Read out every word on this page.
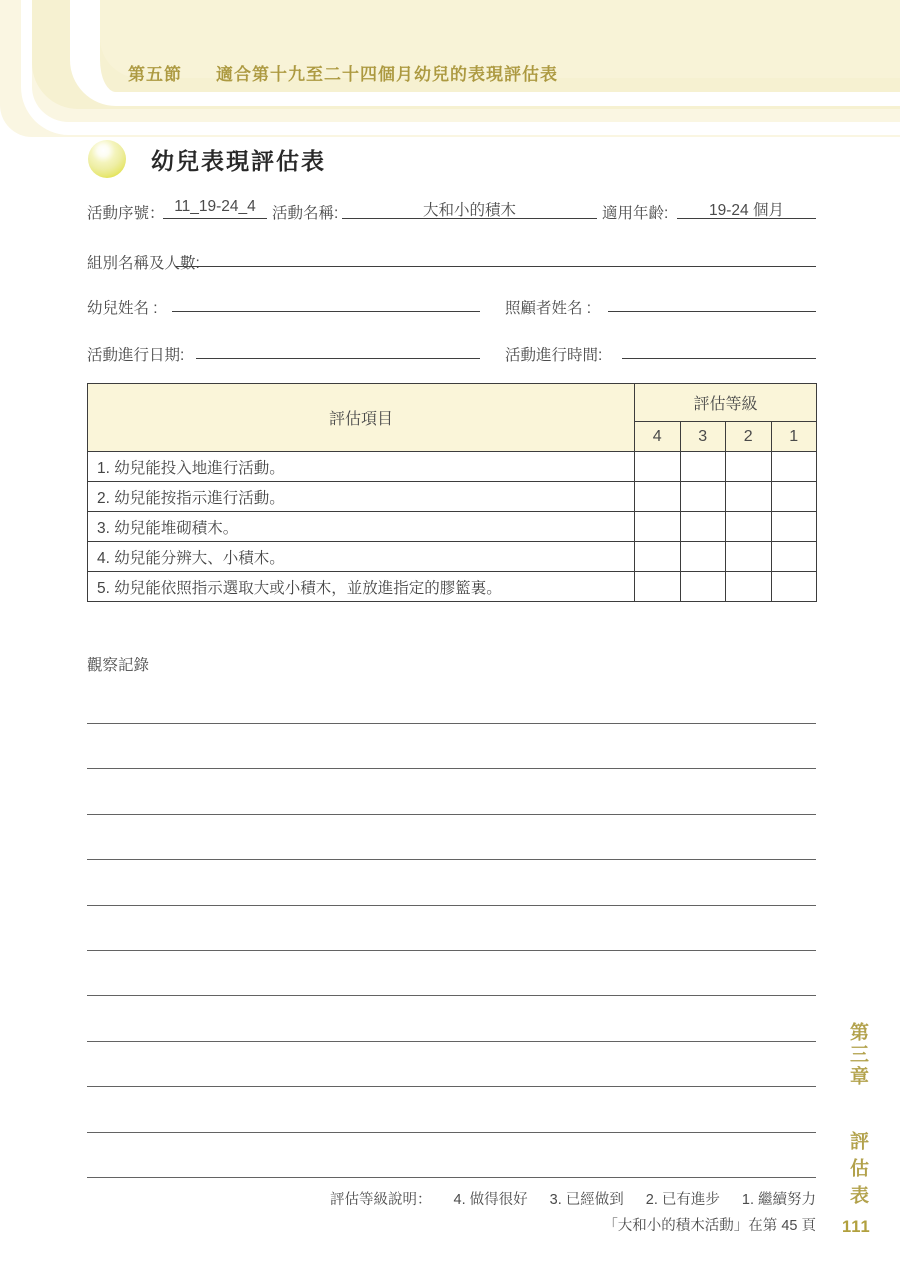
第五節 適合第十九至二十四個月幼兒的表現評估表
幼兒表現評估表
活動序號： 11_19-24_4	活動名稱:	大和小的積木	適用年齡:	19-24 個月
組別名稱及人數:
幼兒姓名 :	照顧者姓名 :
活動進行日期:	活動進行時間:
評估項目	評估等級			
	4	3	2	1
1. 幼兒能投入地進行活動。				
2. 幼兒能按指示進行活動。				
3. 幼兒能堆砌積木。				
4. 幼兒能分辨大、小積木。				
5. 幼兒能依照指示選取大或小積木，並放進指定的膠籃裏。				
觀察記錄
評估等級說明： 4. 做得很好 3. 已經做到 2. 已有進步 1. 繼續努力
「大和小的積木活動」在第 45 頁 111
第三章 評估表
